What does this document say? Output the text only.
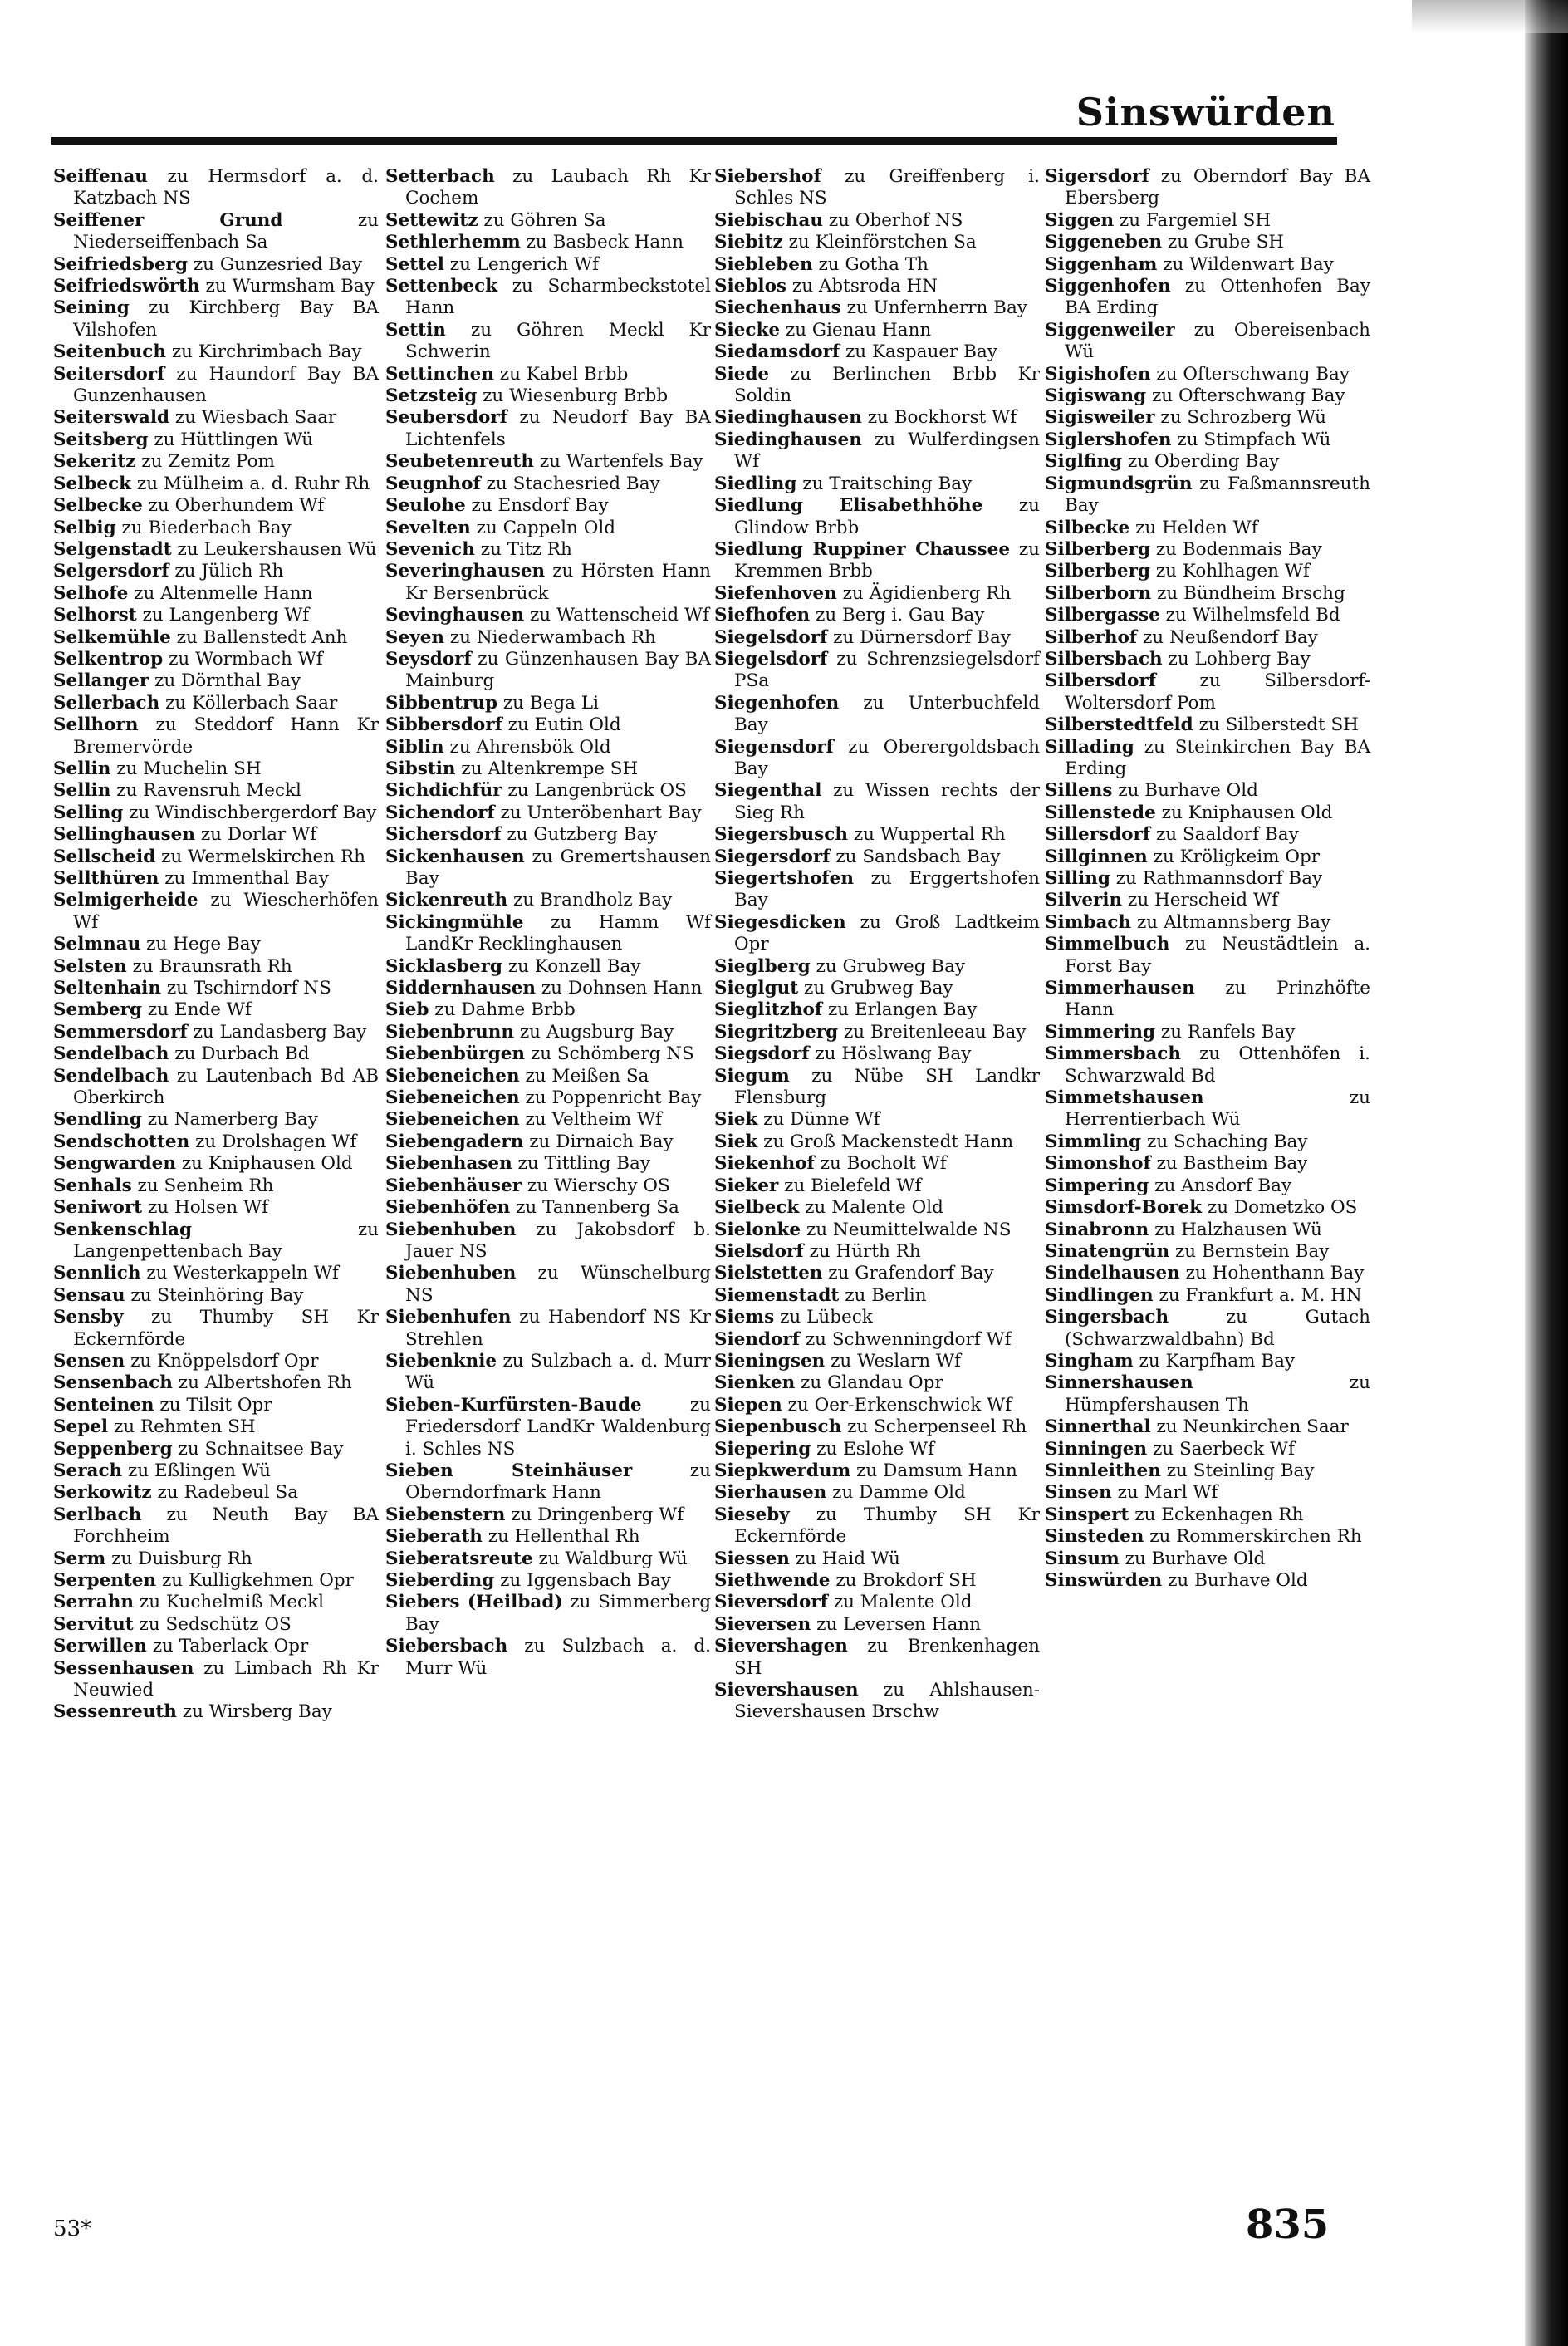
Sinswürden
Seiffenau zu Hermsdorf a. d. Katzbach NS
Seiffener Grund	zu Niederseiffenbach Sa
Seifriedsberg zu Gunzesried Bay
Seifriedswörth zu Wurmsham Bay
Seining zu Kirchberg Bay BA Vilshofen
Seitenbuch zu Kirchrimbach Bay
Seitersdorf zu Haundorf Bay BA Gunzenhausen
Seiterswald zu Wiesbach Saar
Seitsberg zu Hüttlingen Wü
Sekeritz zu Zemitz Pom
Selbeck zu Mülheim a. d. Ruhr Rh
Selbecke zu Oberhundem Wf
Selbig zu Biederbach Bay
Selgenstadt zu Leukershausen Wü
Selgersdorf zu Jülich Rh
Selhofe zu Altenmelle Hann
Selhorst zu Langenberg Wf
Selkemühle zu Ballenstedt Anh
Selkentrop zu Wormbach Wf
Sellanger zu Dörnthal Bay
Sellerbach zu Köllerbach Saar
Sellhorn zu Steddorf Hann Kr Bremervörde
Sellin zu Muchelin SH
Sellin zu Ravensruh Meckl
Selling zu Windischbergerdorf Bay
Sellinghausen zu Dorlar Wf
Sellscheid zu Wermelskirchen Rh
Sellthüren zu Immenthal Bay
Selmigerheide zu Wiescherhöfen Wf
Selmnau zu Hege Bay
Selsten zu Braunsrath Rh
Seltenhain zu Tschirndorf NS
Semberg zu Ende Wf
Semmersdorf zu Landasberg Bay
Sendelbach zu Durbach Bd
Sendelbach zu Lautenbach Bd AB Oberkirch
Sendling zu Namerberg Bay
Sendschotten zu Drolshagen Wf
Sengwarden zu Kniphausen Old
Senhals zu Senheim Rh
Seniwort zu Holsen Wf
Senkenschlag	zu Langenpettenbach Bay
Sennlich zu Westerkappeln Wf
Sensau zu Steinhöring Bay
Sensby zu Thumby SH Kr Eckernförde
Sensen zu Knöppelsdorf Opr
Sensenbach zu Albertshofen Rh
Senteinen zu Tilsit Opr
Sepel zu Rehmten SH
Seppenberg zu Schnaitsee Bay
Serach zu Eßlingen Wü
Serkowitz zu Radebeul Sa
Serlbach zu Neuth Bay BA Forchheim
Serm zu Duisburg Rh
Serpenten zu Kulligkehmen Opr
Serrahn zu Kuchelmiß Meckl
Servitut zu Sedschütz OS
Serwillen zu Taberlack Opr
Sessenhausen zu Limbach Rh Kr Neuwied
Sessenreuth zu Wirsberg Bay
Setterbach zu Laubach Rh Kr Cochem
Settewitz zu Göhren Sa
Sethlerhemm zu Basbeck Hann
Settel zu Lengerich Wf
Settenbeck zu Scharmbeckstotel Hann
Settin zu Göhren Meckl Kr Schwerin
Settinchen zu Kabel Brbb
Setzsteig zu Wiesenburg Brbb
Seubersdorf zu Neudorf Bay BA Lichtenfels
Seubetenreuth zu Wartenfels Bay
Seugnhof zu Stachesried Bay
Seulohe zu Ensdorf Bay
Sevelten zu Cappeln Old
Sevenich zu Titz Rh
Severinghausen zu Hörsten Hann Kr Bersenbrück
Sevinghausen zu Wattenscheid Wf
Seyen zu Niederwambach Rh
Seysdorf zu Günzenhausen Bay BA Mainburg
Sibbentrup zu Bega Li
Sibbersdorf zu Eutin Old
Siblin zu Ahrensbök Old
Sibstin zu Altenkrempe SH
Sichdichfür zu Langenbrück OS
Sichendorf zu Unteröbenhart Bay
Sichersdorf zu Gutzberg Bay
Sickenhausen zu Gremertshausen Bay
Sickenreuth zu Brandholz Bay
Sickingmühle zu Hamm Wf LandKr Recklinghausen
Sicklasberg zu Konzell Bay
Siddernhausen zu Dohnsen Hann
Sieb zu Dahme Brbb
Siebenbrunn zu Augsburg Bay
Siebenbürgen zu Schömberg NS
Siebeneichen zu Meißen Sa
Siebeneichen zu Poppenricht Bay
Siebeneichen zu Veltheim Wf
Siebengadern zu Dirnaich Bay
Siebenhasen zu Tittling Bay
Siebenhäuser zu Wierschy OS
Siebenhöfen zu Tannenberg Sa
Siebenhuben zu Jakobsdorf b. Jauer NS
Siebenhuben zu Wünschelburg NS
Siebenhufen zu Habendorf NS Kr Strehlen
Siebenknie zu Sulzbach a. d. Murr Wü
Sieben-Kurfürsten-Baude	zu Friedersdorf LandKr Waldenburg i. Schles NS
Sieben Steinhäuser	zu Oberndorfmark Hann
Siebenstern zu Dringenberg Wf
Sieberath zu Hellenthal Rh
Sieberatsreute zu Waldburg Wü
Sieberding zu Iggensbach Bay
Siebers (Heilbad) zu Simmerberg Bay
Siebersbach zu Sulzbach a. d. Murr Wü
Siebershof zu Greiffenberg i. Schles NS
Siebischau zu Oberhof NS
Siebitz zu Kleinförstchen Sa
Siebleben zu Gotha Th
Sieblos zu Abtsroda HN
Siechenhaus zu Unfernherrn Bay
Siecke zu Gienau Hann
Siedamsdorf zu Kaspauer Bay
Siede zu Berlinchen Brbb Kr Soldin
Siedinghausen zu Bockhorst Wf
Siedinghausen zu Wulferdingsen Wf
Siedling zu Traitsching Bay
Siedlung Elisabethhöhe zu Glindow Brbb
Siedlung Ruppiner Chaussee zu Kremmen Brbb
Siefenhoven zu Ägidienberg Rh
Siefhofen zu Berg i. Gau Bay
Siegelsdorf zu Dürnersdorf Bay
Siegelsdorf zu Schrenzsiegelsdorf PSa
Siegenhofen zu Unterbuchfeld Bay
Siegensdorf zu Oberergoldsbach Bay
Siegenthal zu Wissen rechts der Sieg Rh
Siegersbusch zu Wuppertal Rh
Siegersdorf zu Sandsbach Bay
Siegertshofen zu Erggertshofen Bay
Siegesdicken zu Groß Ladtkeim Opr
Sieglberg zu Grubweg Bay
Sieglgut zu Grubweg Bay
Sieglitzhof zu Erlangen Bay
Siegritzberg zu Breitenleeau Bay
Siegsdorf zu Höslwang Bay
Siegum zu Nübe SH Landkr Flensburg
Siek zu Dünne Wf
Siek zu Groß Mackenstedt Hann
Siekenhof zu Bocholt Wf
Sieker zu Bielefeld Wf
Sielbeck zu Malente Old
Sielonke zu Neumittelwalde NS
Sielsdorf zu Hürth Rh
Sielstetten zu Grafendorf Bay
Siemenstadt zu Berlin
Siems zu Lübeck
Siendorf zu Schwenningdorf Wf
Sieningsen zu Weslarn Wf
Sienken zu Glandau Opr
Siepen zu Oer-Erkenschwick Wf
Siepenbusch zu Scherpenseel Rh
Siepering zu Eslohe Wf
Siepkwerdum zu Damsum Hann
Sierhausen zu Damme Old
Sieseby zu Thumby SH Kr Eckernförde
Siessen zu Haid Wü
Siethwende zu Brokdorf SH
Sieversdorf zu Malente Old
Sieversen zu Leversen Hann
Sievershagen zu Brenkenhagen SH
Sievershausen zu Ahlshausen-Sievershausen Brschw
Sigersdorf zu Oberndorf Bay BA Ebersberg
Siggen zu Fargemiel SH
Siggeneben zu Grube SH
Siggenham zu Wildenwart Bay
Siggenhofen zu Ottenhofen Bay BA Erding
Siggenweiler zu Obereisenbach Wü
Sigishofen zu Ofterschwang Bay
Sigiswang zu Ofterschwang Bay
Sigisweiler zu Schrozberg Wü
Siglershofen zu Stimpfach Wü
Siglfing zu Oberding Bay
Sigmundsgrün zu Faßmannsreuth Bay
Silbecke zu Helden Wf
Silberberg zu Bodenmais Bay
Silberberg zu Kohlhagen Wf
Silberborn zu Bündheim Brschg
Silbergasse zu Wilhelmsfeld Bd
Silberhof zu Neußendorf Bay
Silbersbach zu Lohberg Bay
Silbersdorf zu Silbersdorf-Woltersdorf Pom
Silberstedtfeld zu Silberstedt SH
Sillading zu Steinkirchen Bay BA Erding
Sillens zu Burhave Old
Sillenstede zu Kniphausen Old
Sillersdorf zu Saaldorf Bay
Sillginnen zu Kröligkeim Opr
Silling zu Rathmannsdorf Bay
Silverin zu Herscheid Wf
Simbach zu Altmannsberg Bay
Simmelbuch zu Neustädtlein a. Forst Bay
Simmerhausen zu Prinzhöfte Hann
Simmering zu Ranfels Bay
Simmersbach zu Ottenhöfen i. Schwarzwald Bd
Simmetshausen	zu Herrentierbach Wü
Simmling zu Schaching Bay
Simonshof zu Bastheim Bay
Simpering zu Ansdorf Bay
Simsdorf-Borek zu Dometzko OS
Sinabronn zu Halzhausen Wü
Sinatengrün zu Bernstein Bay
Sindelhausen zu Hohenthann Bay
Sindlingen zu Frankfurt a. M. HN
Singersbach	zu Gutach (Schwarzwaldbahn) Bd
Singham zu Karpfham Bay
Sinnershausen	zu Hümpfershausen Th
Sinnerthal zu Neunkirchen Saar
Sinningen zu Saerbeck Wf
Sinnleithen zu Steinling Bay
Sinsen zu Marl Wf
Sinspert zu Eckenhagen Rh
Sinsteden zu Rommerskirchen Rh
Sinsum zu Burhave Old
Sinswürden zu Burhave Old
53*	835
